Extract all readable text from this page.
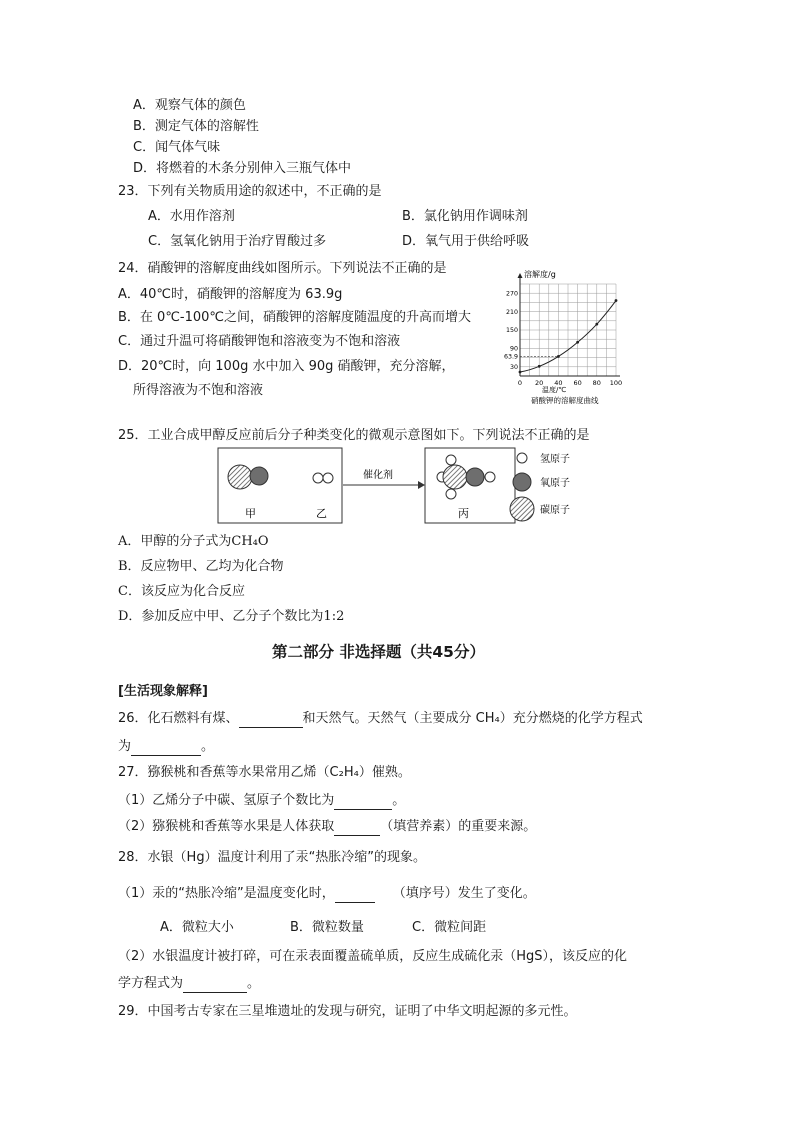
A．观察气体的颜色
B．测定气体的溶解性
C．闻气体气味
D．将燃着的木条分别伸入三瓶气体中
23．下列有关物质用途的叙述中，不正确的是
A．水用作溶剂	B．氯化钠用作调味剂
C．氢氧化钠用于治疗胃酸过多	D．氧气用于供给呼吸
24．硝酸钾的溶解度曲线如图所示。下列说法不正确的是
A．40℃时，硝酸钾的溶解度为 63.9g
B．在 0℃-100℃之间，硝酸钾的溶解度随温度的升高而增大
C．通过升温可将硝酸钾饱和溶液变为不饱和溶液
D．20℃时，向 100g 水中加入 90g 硝酸钾，充分溶解，
所得溶液为不饱和溶液	0 20 40 60 80 100
30
63.9
90
150
210
270
溶解度/g
温度/℃
硝酸钾的溶解度曲线
25．工业合成甲醇反应前后分子种类变化的微观示意图如下。下列说法不正确的是
甲	乙
催化剂
丙
氢原子
氧原子
碳原子
A．甲醇的分子式为CH₄O
B．反应物甲、乙均为化合物
C．该反应为化合反应
D．参加反应中甲、乙分子个数比为1:2
第二部分 非选择题（共45分）
[生活现象解释]
26．化石燃料有煤、	和天然气。天然气（主要成分 CH₄）充分燃烧的化学方程式
为	。
27．猕猴桃和香蕉等水果常用乙烯（C₂H₄）催熟。
（1）乙烯分子中碳、氢原子个数比为	。
（2）猕猴桃和香蕉等水果是人体获取	（填营养素）的重要来源。
28．水银（Hg）温度计利用了汞“热胀冷缩”的现象。
（1）汞的“热胀冷缩”是温度变化时，	（填序号）发生了变化。
A．微粒大小	B．微粒数量	C．微粒间距
（2）水银温度计被打碎，可在汞表面覆盖硫单质，反应生成硫化汞（HgS），该反应的化
学方程式为	。
29．中国考古专家在三星堆遗址的发现与研究，证明了中华文明起源的多元性。
